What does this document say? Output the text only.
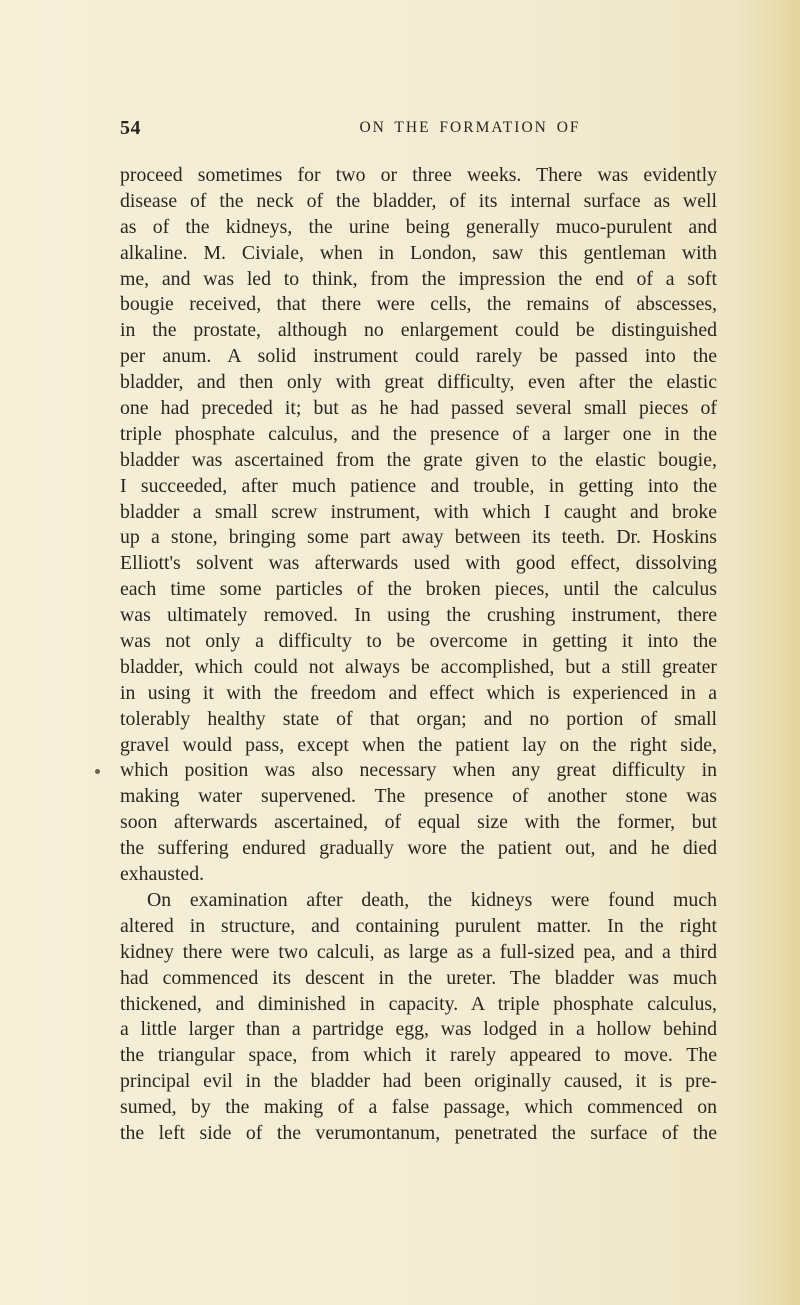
54	ON THE FORMATION OF
proceed sometimes for two or three weeks. There was evidently
disease of the neck of the bladder, of its internal surface as well
as of the kidneys, the urine being generally muco-purulent and
alkaline. M. Civiale, when in London, saw this gentleman with
me, and was led to think, from the impression the end of a soft
bougie received, that there were cells, the remains of abscesses,
in the prostate, although no enlargement could be distinguished
per anum. A solid instrument could rarely be passed into the
bladder, and then only with great difficulty, even after the elastic
one had preceded it; but as he had passed several small pieces of
triple phosphate calculus, and the presence of a larger one in the
bladder was ascertained from the grate given to the elastic bougie,
I succeeded, after much patience and trouble, in getting into the
bladder a small screw instrument, with which I caught and broke
up a stone, bringing some part away between its teeth. Dr. Hoskins
Elliott's solvent was afterwards used with good effect, dissolving
each time some particles of the broken pieces, until the calculus
was ultimately removed. In using the crushing instrument, there
was not only a difficulty to be overcome in getting it into the
bladder, which could not always be accomplished, but a still greater
in using it with the freedom and effect which is experienced in a
tolerably healthy state of that organ; and no portion of small
gravel would pass, except when the patient lay on the right side,
which position was also necessary when any great difficulty in
making water supervened. The presence of another stone was
soon afterwards ascertained, of equal size with the former, but
the suffering endured gradually wore the patient out, and he died
exhausted.
On examination after death, the kidneys were found much
altered in structure, and containing purulent matter. In the right
kidney there were two calculi, as large as a full-sized pea, and a third
had commenced its descent in the ureter. The bladder was much
thickened, and diminished in capacity. A triple phosphate calculus,
a little larger than a partridge egg, was lodged in a hollow behind
the triangular space, from which it rarely appeared to move. The
principal evil in the bladder had been originally caused, it is pre-
sumed, by the making of a false passage, which commenced on
the left side of the verumontanum, penetrated the surface of the
